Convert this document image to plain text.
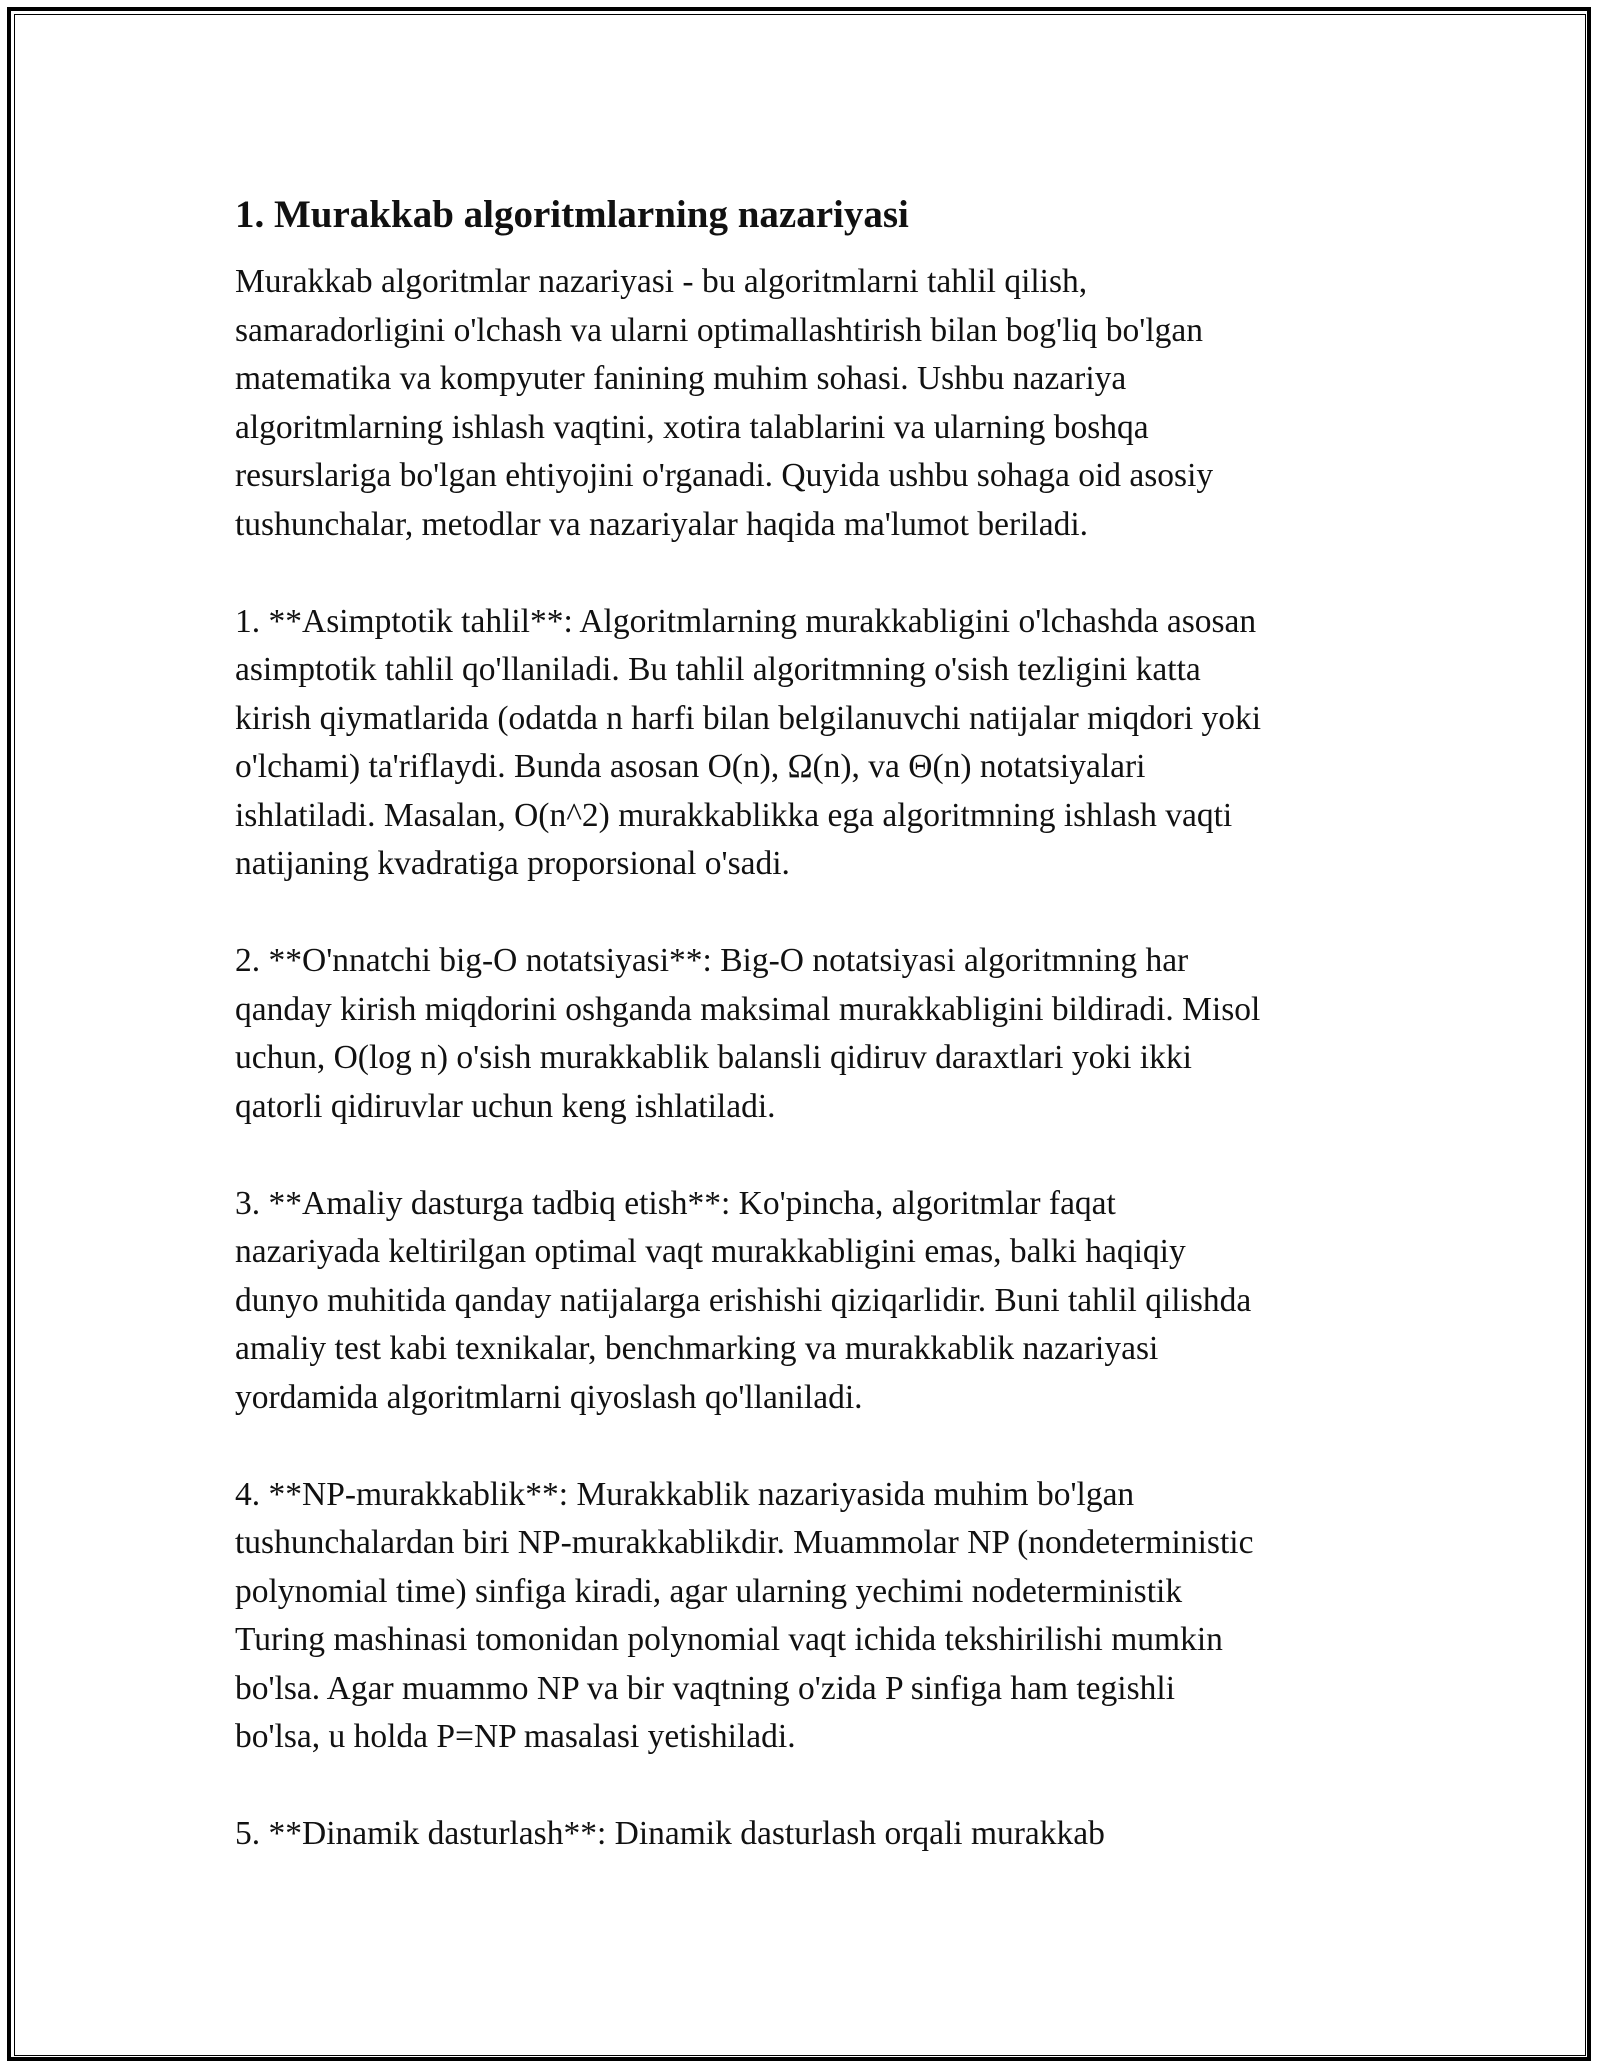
1. Murakkab algoritmlarning nazariyasi

Murakkab algoritmlar nazariyasi - bu algoritmlarni tahlil qilish,
samaradorligini o'lchash va ularni optimallashtirish bilan bog'liq bo'lgan
matematika va kompyuter fanining muhim sohasi. Ushbu nazariya
algoritmlarning ishlash vaqtini, xotira talablarini va ularning boshqa
resurslariga bo'lgan ehtiyojini o'rganadi. Quyida ushbu sohaga oid asosiy
tushunchalar, metodlar va nazariyalar haqida ma'lumot beriladi.

1. **Asimptotik tahlil**: Algoritmlarning murakkabligini o'lchashda asosan
asimptotik tahlil qo'llaniladi. Bu tahlil algoritmning o'sish tezligini katta
kirish qiymatlarida (odatda n harfi bilan belgilanuvchi natijalar miqdori yoki
o'lchami) ta'riflaydi. Bunda asosan O(n), Ω(n), va Θ(n) notatsiyalari
ishlatiladi. Masalan, O(n^2) murakkablikka ega algoritmning ishlash vaqti
natijaning kvadratiga proporsional o'sadi.

2. **O'nnatchi big-O notatsiyasi**: Big-O notatsiyasi algoritmning har
qanday kirish miqdorini oshganda maksimal murakkabligini bildiradi. Misol
uchun, O(log n) o'sish murakkablik balansli qidiruv daraxtlari yoki ikki
qatorli qidiruvlar uchun keng ishlatiladi.

3. **Amaliy dasturga tadbiq etish**: Ko'pincha, algoritmlar faqat
nazariyada keltirilgan optimal vaqt murakkabligini emas, balki haqiqiy
dunyo muhitida qanday natijalarga erishishi qiziqarlidir. Buni tahlil qilishda
amaliy test kabi texnikalar, benchmarking va murakkablik nazariyasi
yordamida algoritmlarni qiyoslash qo'llaniladi.

4. **NP-murakkablik**: Murakkablik nazariyasida muhim bo'lgan
tushunchalardan biri NP-murakkablikdir. Muammolar NP (nondeterministic
polynomial time) sinfiga kiradi, agar ularning yechimi nodeterministik
Turing mashinasi tomonidan polynomial vaqt ichida tekshirilishi mumkin
bo'lsa. Agar muammo NP va bir vaqtning o'zida P sinfiga ham tegishli
bo'lsa, u holda P=NP masalasi yetishiladi.

5. **Dinamik dasturlash**: Dinamik dasturlash orqali murakkab
